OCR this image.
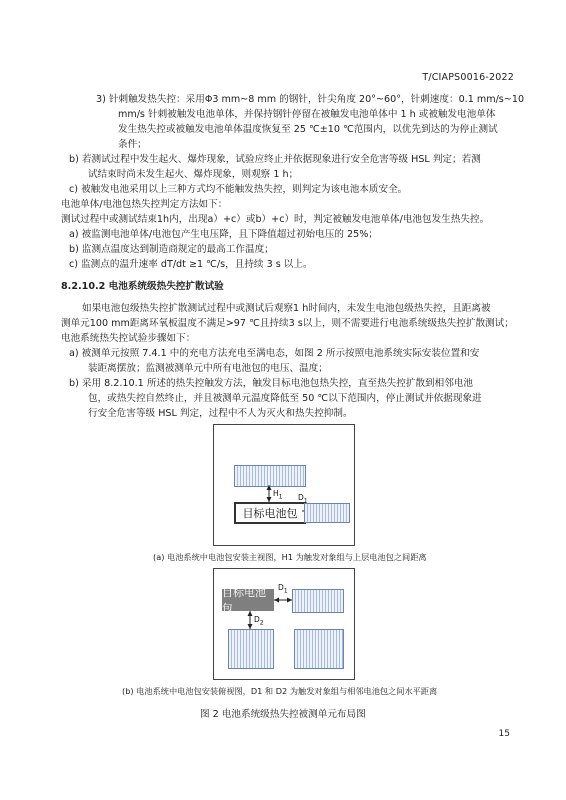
T/CIAPS0016-2022
3) 针刺触发热失控：采用Φ3 mm~8 mm 的钢针，针尖角度 20°~60°，针刺速度：0.1 mm/s~10
mm/s 针刺被触发电池单体，并保持钢针停留在被触发电池单体中 1 h 或被触发电池单体
发生热失控或被触发电池单体温度恢复至 25 ℃±10 ℃范围内，以优先到达的为停止测试
条件；
b) 若测试过程中发生起火、爆炸现象，试验应终止并依据现象进行安全危害等级 HSL 判定；若测
试结束时尚未发生起火、爆炸现象，则观察 1 h；
c) 被触发电池采用以上三种方式均不能触发热失控，则判定为该电池本质安全。
电池单体/电池包热失控判定方法如下：
测试过程中或测试结束1h内，出现a）+c）或b）+c）时，判定被触发电池单体/电池包发生热失控。
a) 被监测电池单体/电池包产生电压降，且下降值超过初始电压的 25%；
b) 监测点温度达到制造商规定的最高工作温度；
c) 监测点的温升速率 dT/dt ≥1 ℃/s，且持续 3 s 以上。
8.2.10.2 电池系统级热失控扩散试验
如果电池包级热失控扩散测试过程中或测试后观察1 h时间内，未发生电池包级热失控，且距离被
测单元100 mm距离环氧板温度不满足>97 ℃且持续3 s以上，则不需要进行电池系统级热失控扩散测试；
电池系统热失控试验步骤如下：
a) 被测单元按照 7.4.1 中的充电方法充电至满电态，如图 2 所示按照电池系统实际安装位置和安
装距离摆放；监测被测单元中所有电池包的电压、温度；
b) 采用 8.2.10.1 所述的热失控触发方法，触发目标电池包热失控，直至热失控扩散到相邻电池
包，或热失控自然终止，并且被测单元温度降低至 50 ℃以下范围内，停止测试并依据现象进
行安全危害等级 HSL 判定，过程中不人为灭火和热失控抑制。
目标电池包
$H_1$ $D_1$
(a) 电池系统中电池包安装主视图，H1 为触发对象组与上层电池包之间距离
目标电池包
$D_1$
$D_2$
(b) 电池系统中电池包安装俯视图，D1 和 D2 为触发对象组与相邻电池包之间水平距离
图 2 电池系统级热失控被测单元布局图
15
